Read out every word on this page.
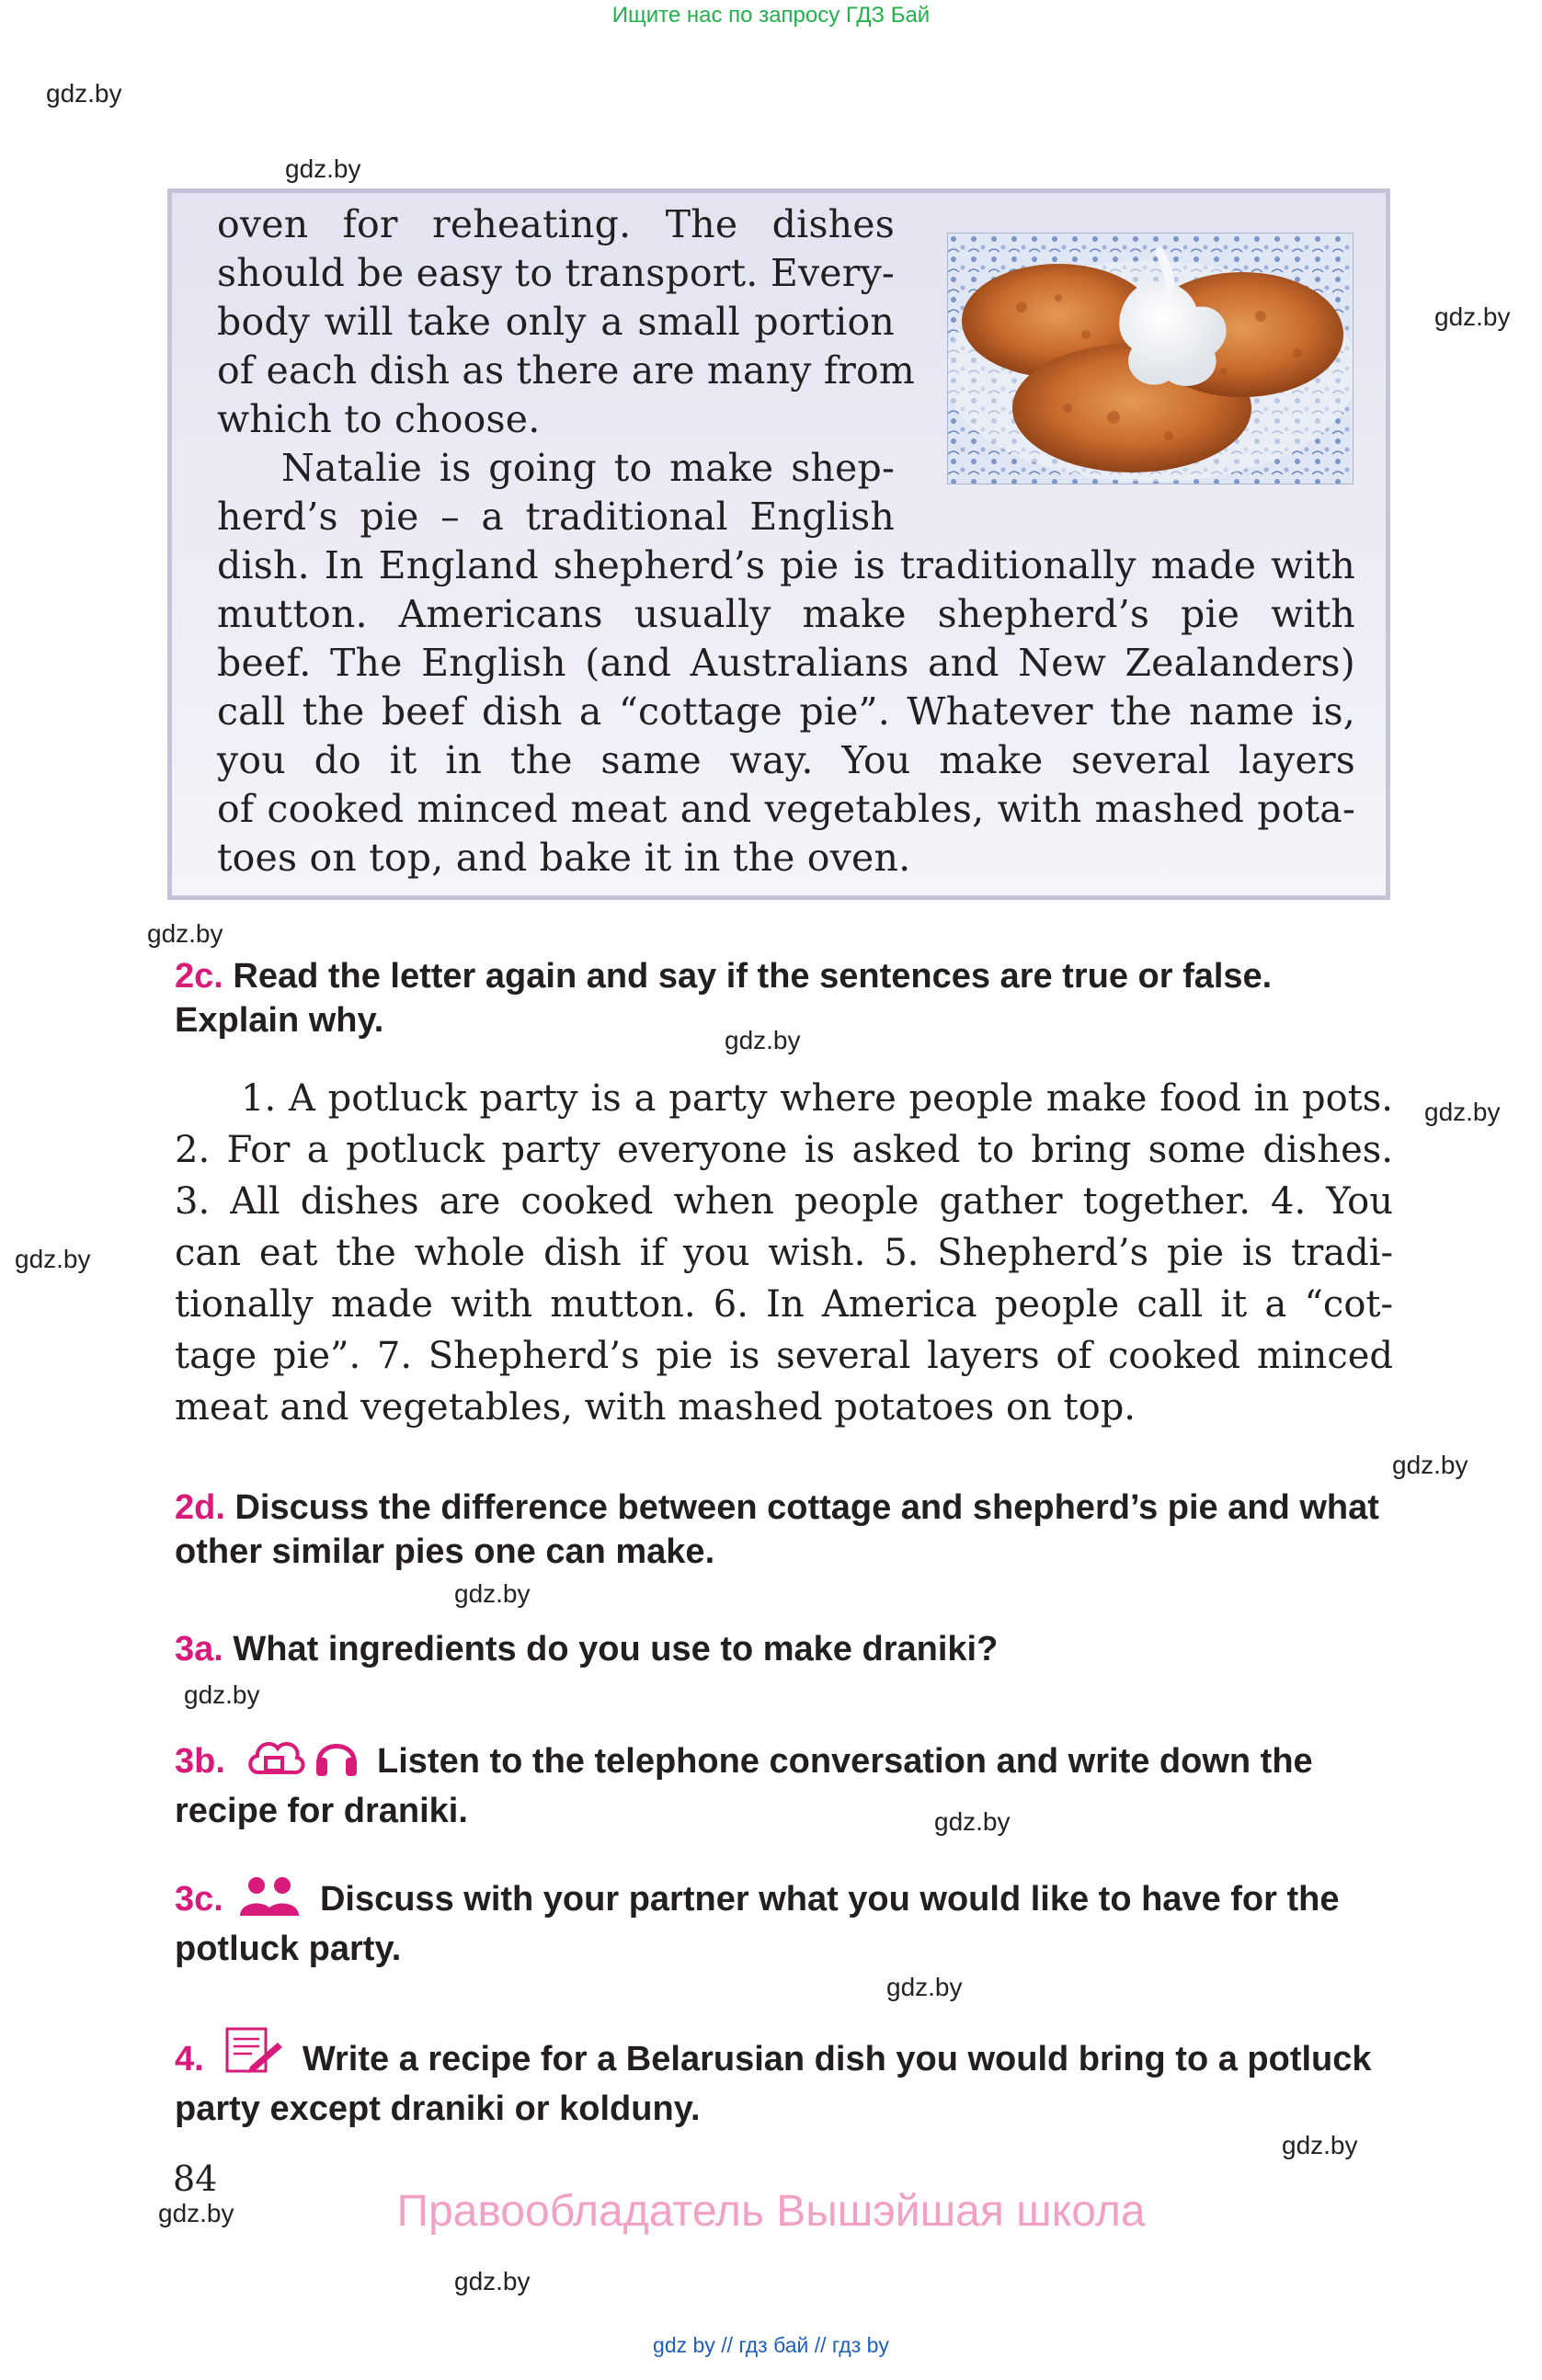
Ищите нас по запросу ГДЗ Бай
gdz.by
gdz.by
gdz.by
gdz.by
gdz.by
gdz.by
gdz.by
gdz.by
gdz.by
gdz.by
gdz.by
gdz.by
gdz.by
gdz.by
gdz.by
oven for reheating. The dishes
should be easy to transport. Every-
body will take only a small portion
of each dish as there are many from
which to choose.
Natalie is going to make shep-
herd’s pie – a traditional English
dish. In England shepherd’s pie is traditionally made with
mutton. Americans usually make shepherd’s pie with
beef. The English (and Australians and New Zealanders)
call the beef dish a “cottage pie”. Whatever the name is,
you do it in the same way. You make several layers
of cooked minced meat and vegetables, with mashed pota-
toes on top, and bake it in the oven.
2c. Read the letter again and say if the sentences are true or false. Explain why.
1. A potluck party is a party where people make food in pots.
2. For a potluck party everyone is asked to bring some dishes.
3. All dishes are cooked when people gather together. 4. You
can eat the whole dish if you wish. 5. Shepherd’s pie is tradi-
tionally made with mutton. 6. In America people call it a “cot-
tage pie”. 7. Shepherd’s pie is several layers of cooked minced
meat and vegetables, with mashed potatoes on top.
2d. Discuss the difference between cottage and shepherd’s pie and what other similar pies one can make.
3a. What ingredients do you use to make draniki?
3b.	Listen to the telephone conversation and write down the recipe for draniki.
3c.	Discuss with your partner what you would like to have for the potluck party.
4.	Write a recipe for a Belarusian dish you would bring to a potluck party except draniki or kolduny.
84
Правообладатель Вышэйшая школа
gdz by // гдз бай // гдз by
